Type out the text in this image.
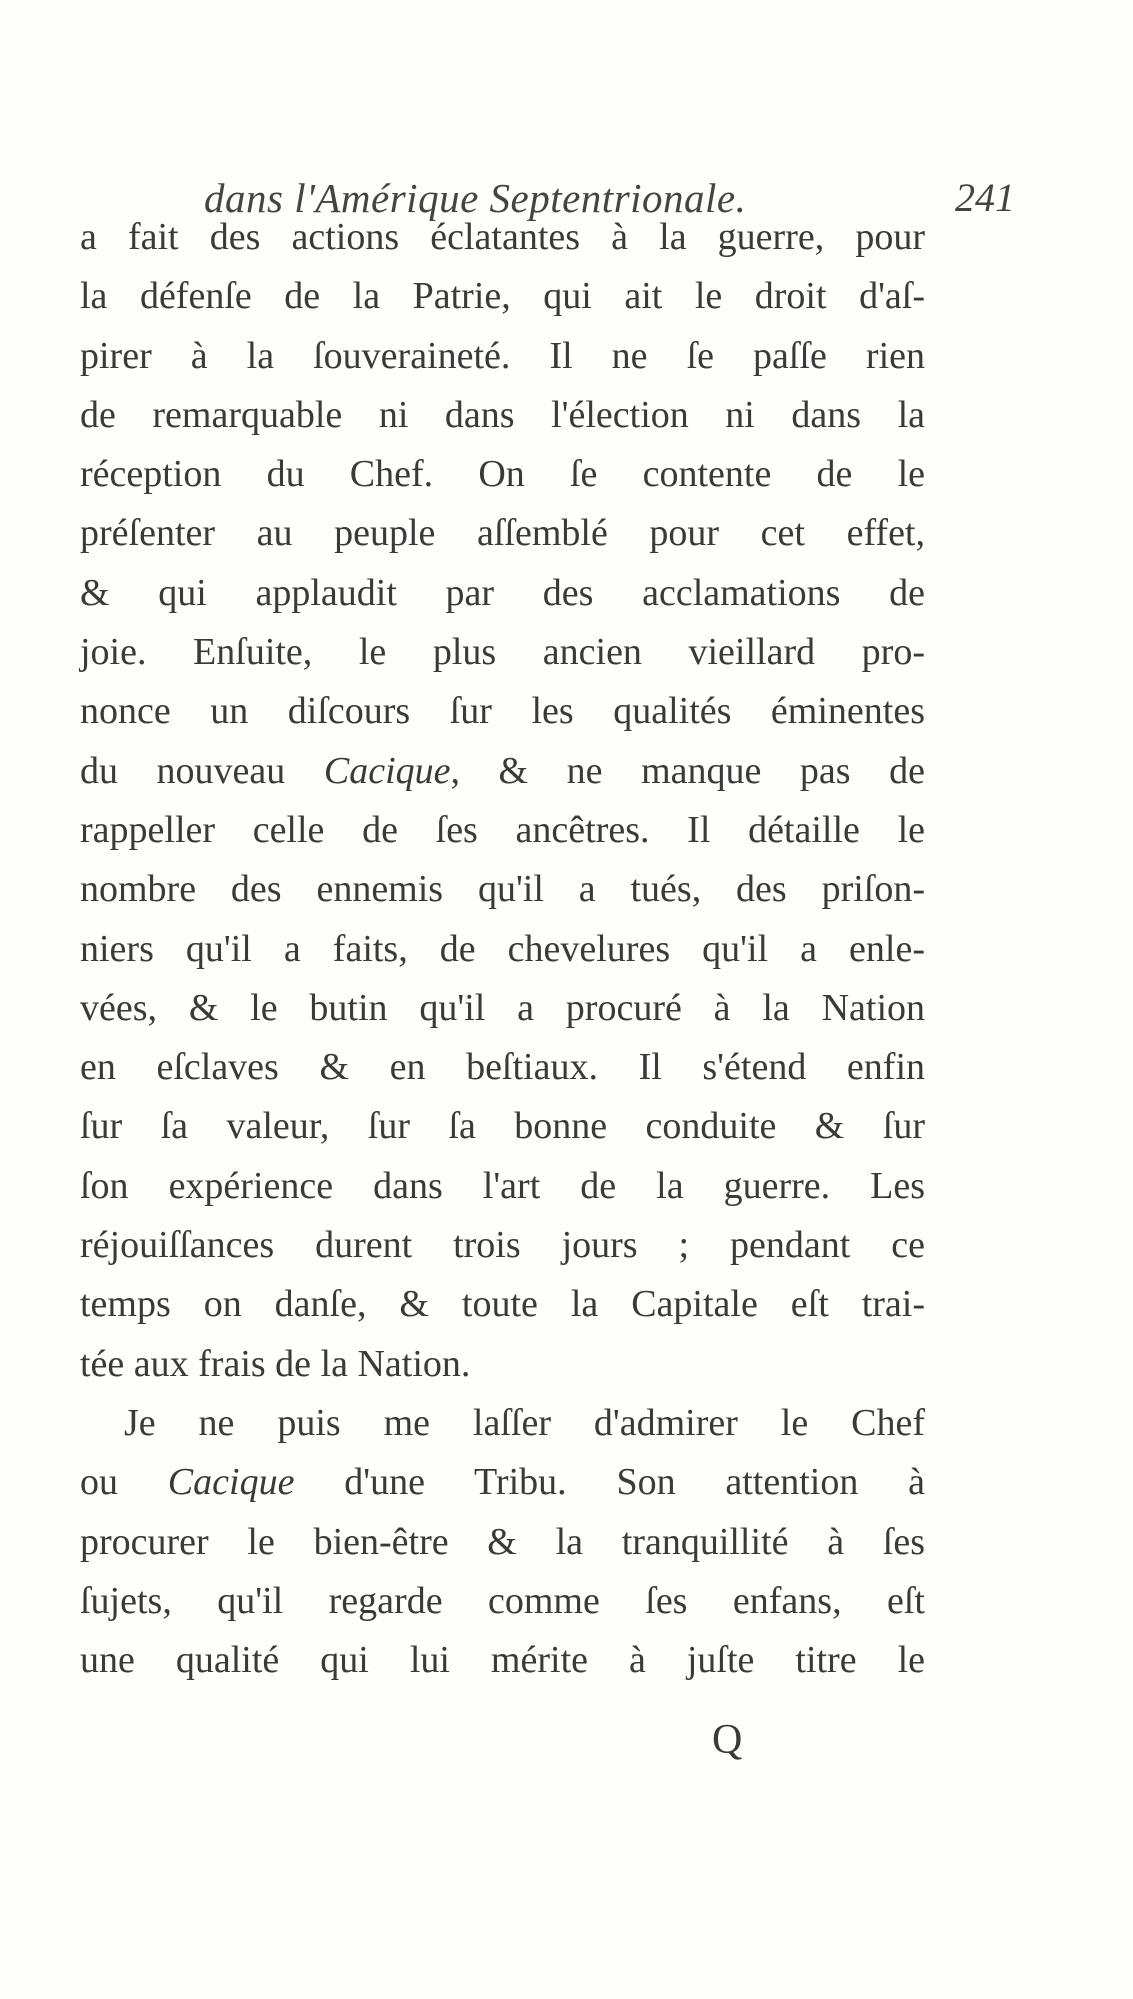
dans l'Amérique Septentrionale.	241
a fait des actions éclatantes à la guerre, pour
la défenſe de la Patrie, qui ait le droit d'aſ-
pirer à la ſouveraineté. Il ne ſe paſſe rien
de remarquable ni dans l'élection ni dans la
réception du Chef. On ſe contente de le
préſenter au peuple aſſemblé pour cet effet,
& qui applaudit par des acclamations de
joie. Enſuite, le plus ancien vieillard pro-
nonce un diſcours ſur les qualités éminentes
du nouveau Cacique, & ne manque pas de
rappeller celle de ſes ancêtres. Il détaille le
nombre des ennemis qu'il a tués, des priſon-
niers qu'il a faits, de chevelures qu'il a enle-
vées, & le butin qu'il a procuré à la Nation
en eſclaves & en beſtiaux. Il s'étend enfin
ſur ſa valeur, ſur ſa bonne conduite & ſur
ſon expérience dans l'art de la guerre. Les
réjouiſſances durent trois jours ; pendant ce
temps on danſe, & toute la Capitale eſt trai-
tée aux frais de la Nation.
Je ne puis me laſſer d'admirer le Chef
ou Cacique d'une Tribu. Son attention à
procurer le bien-être & la tranquillité à ſes
ſujets, qu'il regarde comme ſes enfans, eſt
une qualité qui lui mérite à juſte titre le
Q
